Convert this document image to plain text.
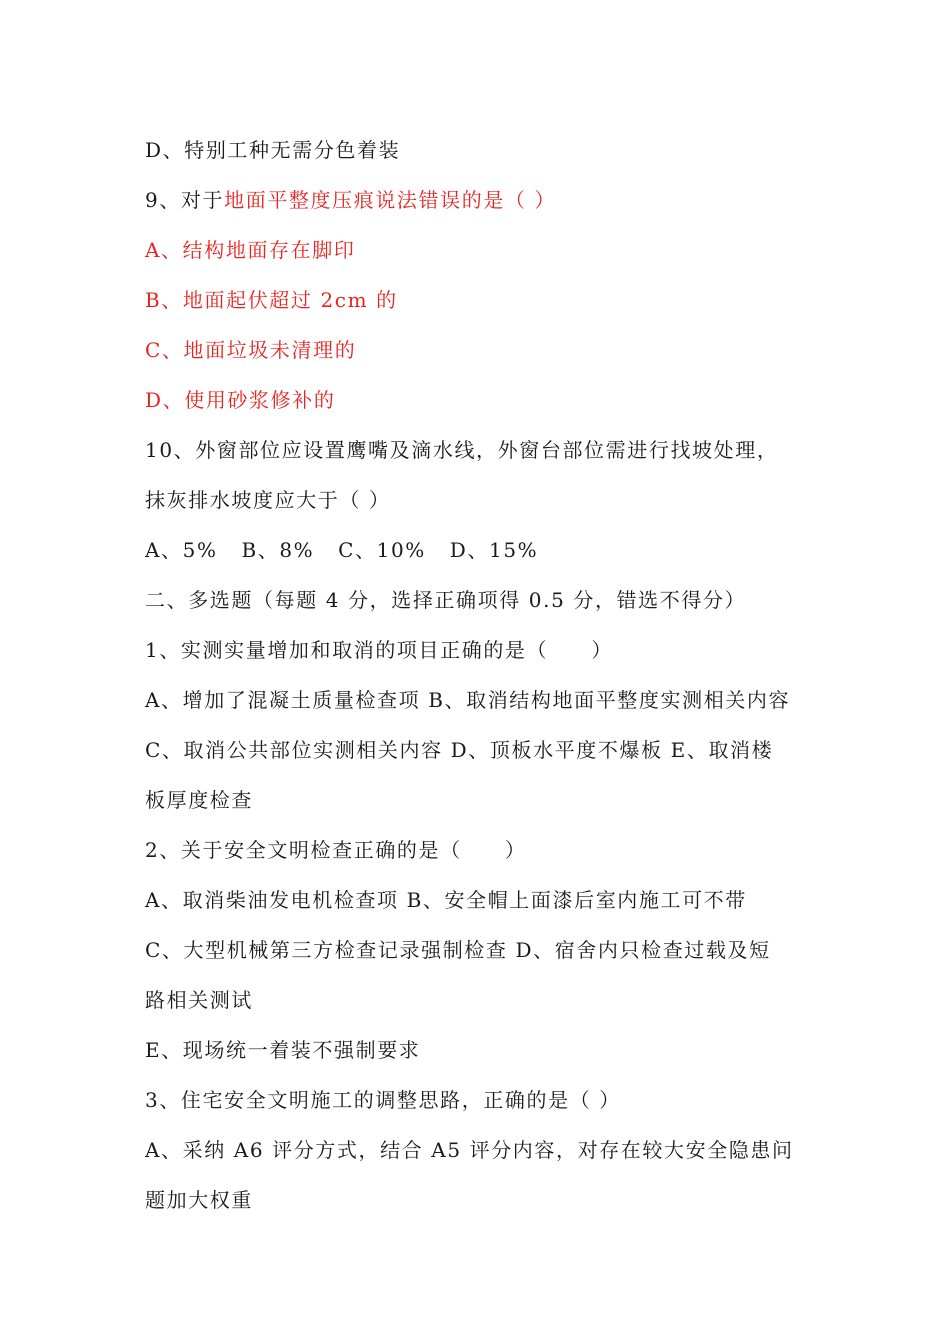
D、特别工种无需分色着装
9、对于地面平整度压痕说法错误的是（ ）
A、结构地面存在脚印
B、地面起伏超过 2cm 的
C、地面垃圾未清理的
D、使用砂浆修补的
10、外窗部位应设置鹰嘴及滴水线，外窗台部位需进行找坡处理，
抹灰排水坡度应大于（ ）
A、5%   B、8%   C、10%   D、15%
二、多选题（每题 4 分，选择正确项得 0.5 分，错选不得分）
1、实测实量增加和取消的项目正确的是（　　）
A、增加了混凝土质量检查项 B、取消结构地面平整度实测相关内容
C、取消公共部位实测相关内容 D、顶板水平度不爆板 E、取消楼
板厚度检查
2、关于安全文明检查正确的是（　　）
A、取消柴油发电机检查项 B、安全帽上面漆后室内施工可不带
C、大型机械第三方检查记录强制检查 D、宿舍内只检查过载及短
路相关测试
E、现场统一着装不强制要求
3、住宅安全文明施工的调整思路，正确的是（ ）
A、采纳 A6 评分方式，结合 A5 评分内容，对存在较大安全隐患问
题加大权重
